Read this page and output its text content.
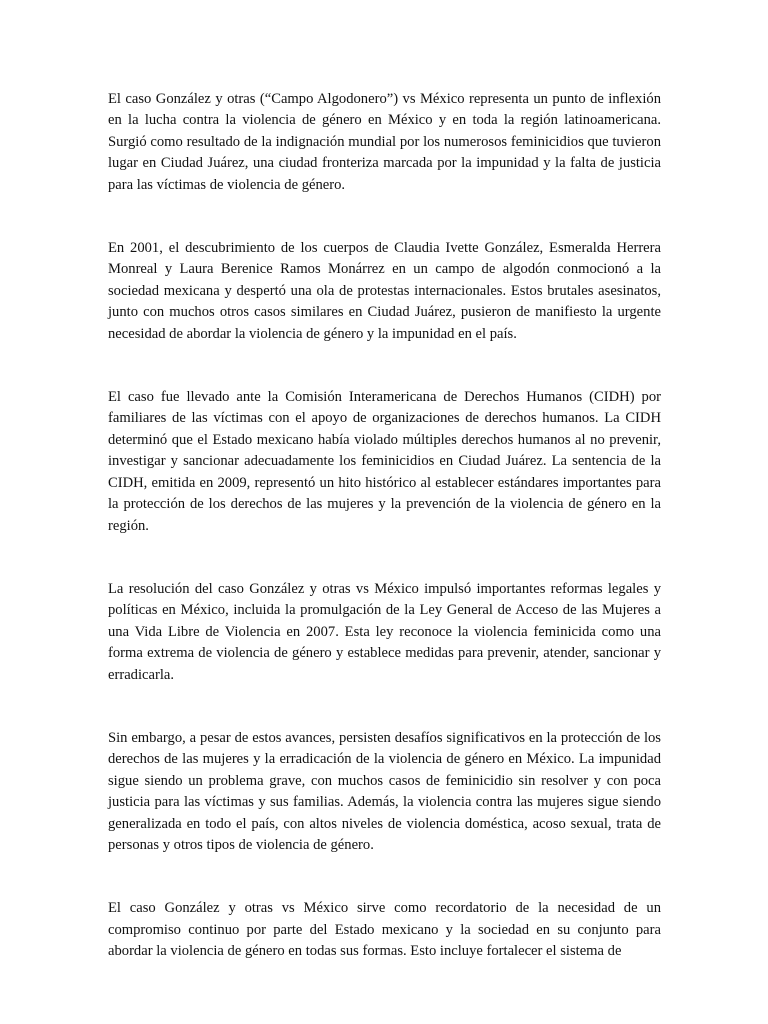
El caso González y otras (“Campo Algodonero”) vs México representa un punto de inflexión en la lucha contra la violencia de género en México y en toda la región latinoamericana. Surgió como resultado de la indignación mundial por los numerosos feminicidios que tuvieron lugar en Ciudad Juárez, una ciudad fronteriza marcada por la impunidad y la falta de justicia para las víctimas de violencia de género.

En 2001, el descubrimiento de los cuerpos de Claudia Ivette González, Esmeralda Herrera Monreal y Laura Berenice Ramos Monárrez en un campo de algodón conmocionó a la sociedad mexicana y despertó una ola de protestas internacionales. Estos brutales asesinatos, junto con muchos otros casos similares en Ciudad Juárez, pusieron de manifiesto la urgente necesidad de abordar la violencia de género y la impunidad en el país.

El caso fue llevado ante la Comisión Interamericana de Derechos Humanos (CIDH) por familiares de las víctimas con el apoyo de organizaciones de derechos humanos. La CIDH determinó que el Estado mexicano había violado múltiples derechos humanos al no prevenir, investigar y sancionar adecuadamente los feminicidios en Ciudad Juárez. La sentencia de la CIDH, emitida en 2009, representó un hito histórico al establecer estándares importantes para la protección de los derechos de las mujeres y la prevención de la violencia de género en la región.

La resolución del caso González y otras vs México impulsó importantes reformas legales y políticas en México, incluida la promulgación de la Ley General de Acceso de las Mujeres a una Vida Libre de Violencia en 2007. Esta ley reconoce la violencia feminicida como una forma extrema de violencia de género y establece medidas para prevenir, atender, sancionar y erradicarla.

Sin embargo, a pesar de estos avances, persisten desafíos significativos en la protección de los derechos de las mujeres y la erradicación de la violencia de género en México. La impunidad sigue siendo un problema grave, con muchos casos de feminicidio sin resolver y con poca justicia para las víctimas y sus familias. Además, la violencia contra las mujeres sigue siendo generalizada en todo el país, con altos niveles de violencia doméstica, acoso sexual, trata de personas y otros tipos de violencia de género.

El caso González y otras vs México sirve como recordatorio de la necesidad de un compromiso continuo por parte del Estado mexicano y la sociedad en su conjunto para abordar la violencia de género en todas sus formas. Esto incluye fortalecer el sistema de
